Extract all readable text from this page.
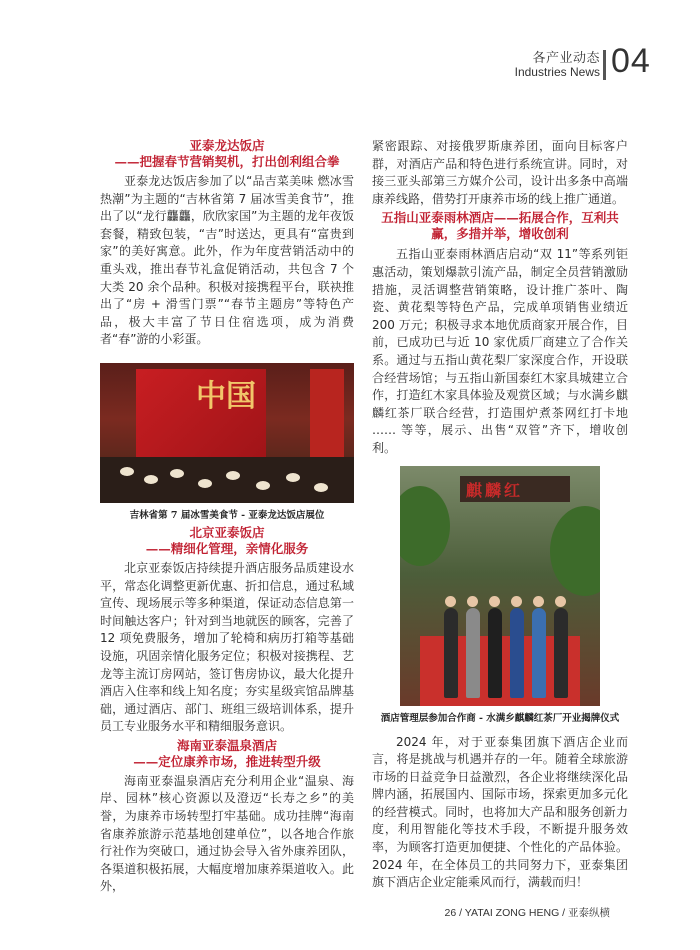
各产业动态
Industries News 04
亚泰龙达饭店
——把握春节营销契机，打出创利组合拳

亚泰龙达饭店参加了以“品吉菜美味 燃冰雪热潮”为主题的“吉林省第 7 届冰雪美食节”，推出了以“龙行龘龘，欣欣家国”为主题的龙年夜饭套餐，精致包装，“吉”时送达，更具有“富贵到家”的美好寓意。此外，作为年度营销活动中的重头戏，推出春节礼盒促销活动，共包含 7 个大类 20 余个品种。积极对接携程平台，联袂推出了“房 + 滑雪门票”“春节主题房”等特色产品，极大丰富了节日住宿选项，成为消费者“春”游的小彩蛋。

中国
吉林省第 7 届冰雪美食节 - 亚泰龙达饭店展位
北京亚泰饭店
——精细化管理，亲情化服务

北京亚泰饭店持续提升酒店服务品质建设水平，常态化调整更新优惠、折扣信息，通过私域宣传、现场展示等多种渠道，保证动态信息第一时间触达客户；针对到当地就医的顾客，完善了 12 项免费服务，增加了轮椅和病历打箱等基础设施，巩固亲情化服务定位；积极对接携程、艺龙等主流订房网站，签订售房协议，最大化提升酒店入住率和线上知名度；夯实星级宾馆品牌基础，通过酒店、部门、班组三级培训体系，提升员工专业服务水平和精细服务意识。

海南亚泰温泉酒店
——定位康养市场，推进转型升级

海南亚泰温泉酒店充分利用企业“温泉、海岸、园林”核心资源以及澄迈“长寿之乡”的美誉，为康养市场转型打牢基础。成功挂牌“海南省康养旅游示范基地创建单位”，以各地合作旅行社作为突破口，通过协会导入省外康养团队，各渠道积极拓展，大幅度增加康养渠道收入。此外，

紧密跟踪、对接俄罗斯康养团，面向目标客户群，对酒店产品和特色进行系统宣讲。同时，对接三亚头部第三方媒介公司，设计出多条中高端康养线路，借势打开康养市场的线上推广通道。

五指山亚泰雨林酒店——拓展合作，互利共赢，多措并举，增收创利

五指山亚泰雨林酒店启动“双 11”等系列钜惠活动，策划爆款引流产品，制定全员营销激励措施，灵活调整营销策略，设计推广茶叶、陶瓷、黄花梨等特色产品，完成单项销售业绩近 200 万元；积极寻求本地优质商家开展合作，目前，已成功已与近 10 家优质厂商建立了合作关系。通过与五指山黄花梨厂家深度合作，开设联合经营场馆；与五指山新国泰红木家具城建立合作，打造红木家具体验及观赏区域；与水满乡麒麟红茶厂联合经营，打造围炉煮茶网红打卡地 …… 等等，展示、出售“双管”齐下，增收创利。

麒麟红
酒店管理层参加合作商 - 水满乡麒麟红茶厂开业揭牌仪式

2024 年，对于亚泰集团旗下酒店企业而言，将是挑战与机遇并存的一年。随着全球旅游市场的日益竞争日益激烈，各企业将继续深化品牌内涵，拓展国内、国际市场，探索更加多元化的经营模式。同时，也将加大产品和服务创新力度，利用智能化等技术手段，不断提升服务效率，为顾客打造更加便捷、个性化的产品体验。2024 年，在全体员工的共同努力下，亚泰集团旗下酒店企业定能乘风而行，满载而归！

26 / YATAI ZONG HENG / 亚泰纵横
